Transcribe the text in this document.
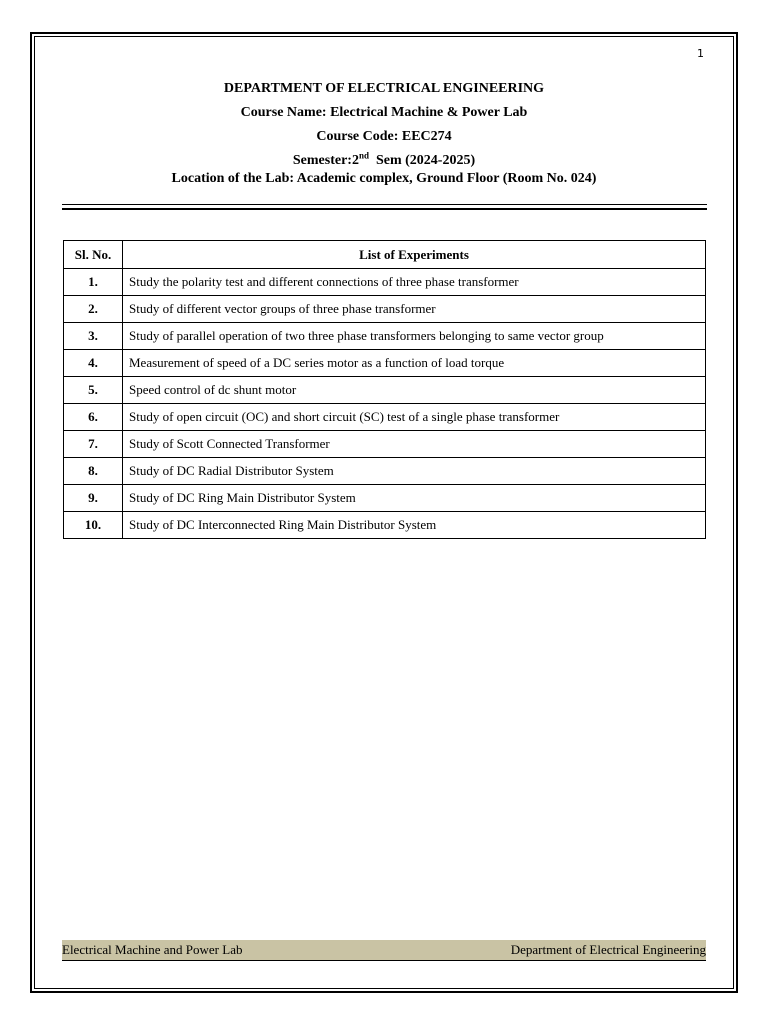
1
DEPARTMENT OF ELECTRICAL ENGINEERING
Course Name: Electrical Machine & Power Lab
Course Code: EEC274
Semester:2nd  Sem (2024-2025)
Location of the Lab: Academic complex, Ground Floor (Room No. 024)
Sl. No.	List of Experiments
1.	Study the polarity test and different connections of three phase transformer
2.	Study of different vector groups of three phase transformer
3.	Study of parallel operation of two three phase transformers belonging to same vector group
4.	Measurement of speed of a DC series motor as a function of load torque
5.	Speed control of dc shunt motor
6.	Study of open circuit (OC) and short circuit (SC) test of a single phase transformer
7.	Study of Scott Connected Transformer
8.	Study of DC Radial Distributor System
9.	Study of DC Ring Main Distributor System
10.	Study of DC Interconnected Ring Main Distributor System
Electrical Machine and Power Lab	Department of Electrical Engineering
